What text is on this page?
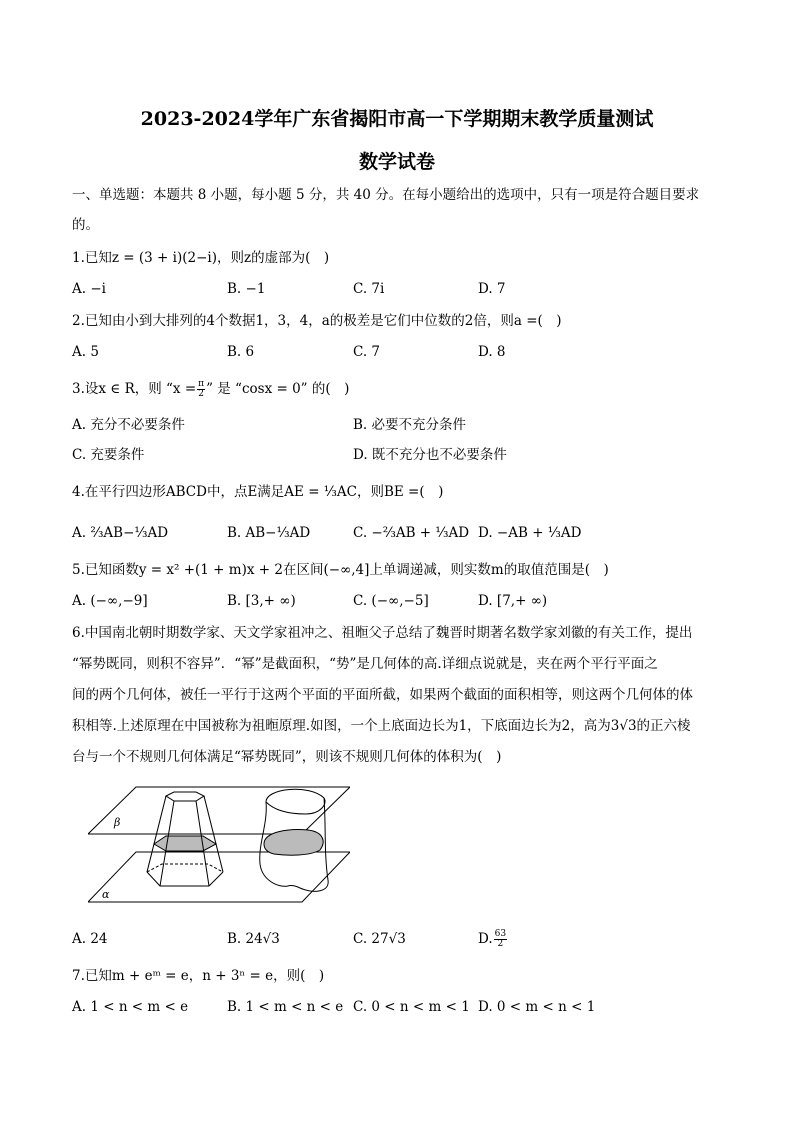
2023-2024学年广东省揭阳市高一下学期期末教学质量测试
数学试卷
一、单选题：本题共 8 小题，每小题 5 分，共 40 分。在每小题给出的选项中，只有一项是符合题目要求
的。
1.已知z = (3 + i)(2−i)，则z的虚部为(　)
A. −i	B. −1	C. 7i	D. 7
2.已知由小到大排列的4个数据1，3，4，a的极差是它们中位数的2倍，则a =(　)
A. 5	B. 6	C. 7	D. 8
3.设x ∈ R，则 “$x = \frac{\pi}{2}$ ” 是 “cosx = 0” 的(　)
A. 充分不必要条件	B. 必要不充分条件
C. 充要条件	D. 既不充分也不必要条件
4.在平行四边形ABCD中，点E满足AE = ⅓AC，则BE =(　)
A. ⅔AB−⅓AD	B. AB−⅓AD	C. −⅔AB + ⅓AD D. −AB + ⅓AD
5.已知函数y = x² +(1 + m)x + 2在区间(−∞,4]上单调递减，则实数m的取值范围是(　)
A. (−∞,−9]	B. [3,+ ∞)	C. (−∞,−5]	D. [7,+ ∞)
6.中国南北朝时期数学家、天文学家祖冲之、祖暅父子总结了魏晋时期著名数学家刘徽的有关工作，提出
“幂势既同，则积不容异”．“幂”是截面积，“势”是几何体的高.详细点说就是，夹在两个平行平面之
间的两个几何体，被任一平行于这两个平面的平面所截，如果两个截面的面积相等，则这两个几何体的体
积相等.上述原理在中国被称为祖暅原理.如图，一个上底面边长为1，下底面边长为2，高为3√3的正六棱
台与一个不规则几何体满足“幂势既同”，则该不规则几何体的体积为(　)
β
α
A. 24	B. 24√3	C. 27√3	D. $\frac{63}{2}$
7.已知m + eᵐ = e，n + 3ⁿ = e，则(　)
A. 1 < n < m < e	B. 1 < m < n < e C. 0 < n < m < 1 D. 0 < m < n < 1
